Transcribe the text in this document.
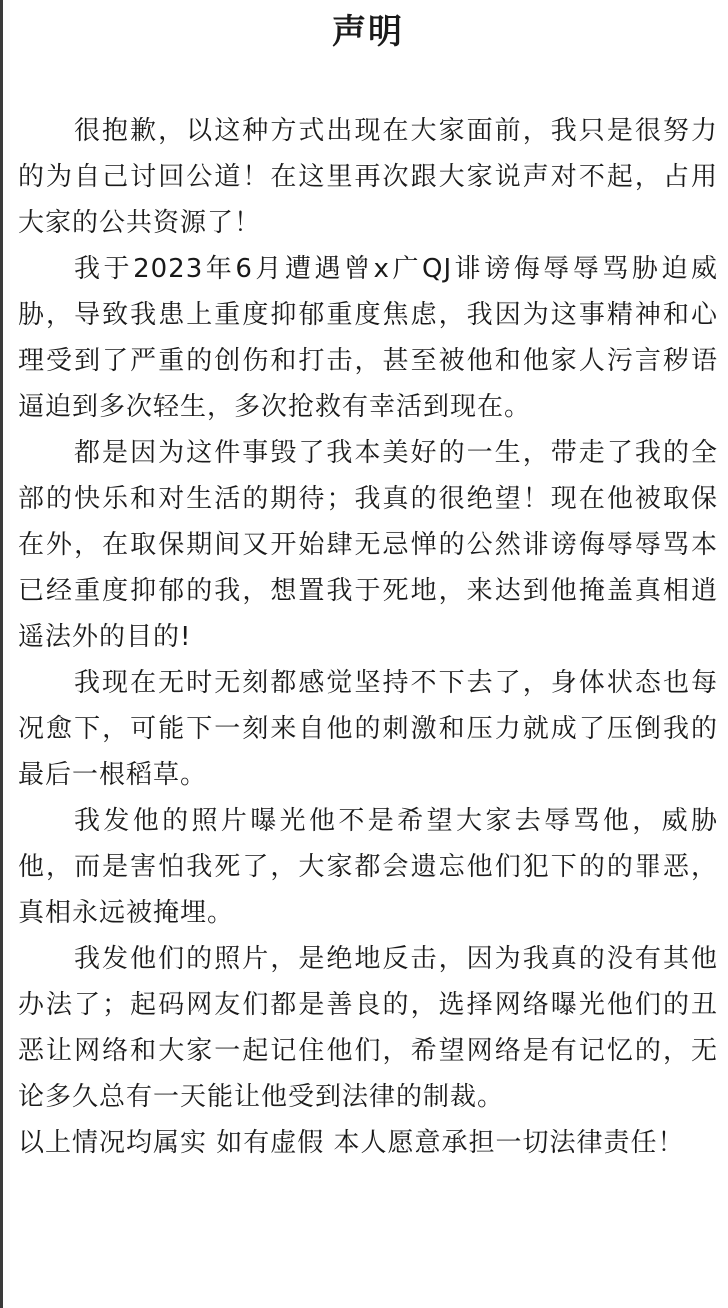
声明

很抱歉，以这种方式出现在大家面前，我只是很努力的为自己讨回公道！在这里再次跟大家说声对不起，占用大家的公共资源了！

我于2023年6月遭遇曾x广QJ诽谤侮辱辱骂胁迫威胁，导致我患上重度抑郁重度焦虑，我因为这事精神和心理受到了严重的创伤和打击，甚至被他和他家人污言秽语逼迫到多次轻生，多次抢救有幸活到现在。

都是因为这件事毁了我本美好的一生，带走了我的全部的快乐和对生活的期待；我真的很绝望！现在他被取保在外，在取保期间又开始肆无忌惮的公然诽谤侮辱辱骂本已经重度抑郁的我，想置我于死地，来达到他掩盖真相逍遥法外的目的!

我现在无时无刻都感觉坚持不下去了，身体状态也每况愈下，可能下一刻来自他的刺激和压力就成了压倒我的最后一根稻草。

我发他的照片曝光他不是希望大家去辱骂他，威胁他，而是害怕我死了，大家都会遗忘他们犯下的的罪恶，真相永远被掩埋。

我发他们的照片，是绝地反击，因为我真的没有其他办法了；起码网友们都是善良的，选择网络曝光他们的丑恶让网络和大家一起记住他们，希望网络是有记忆的，无论多久总有一天能让他受到法律的制裁。

以上情况均属实 如有虚假 本人愿意承担一切法律责任！
